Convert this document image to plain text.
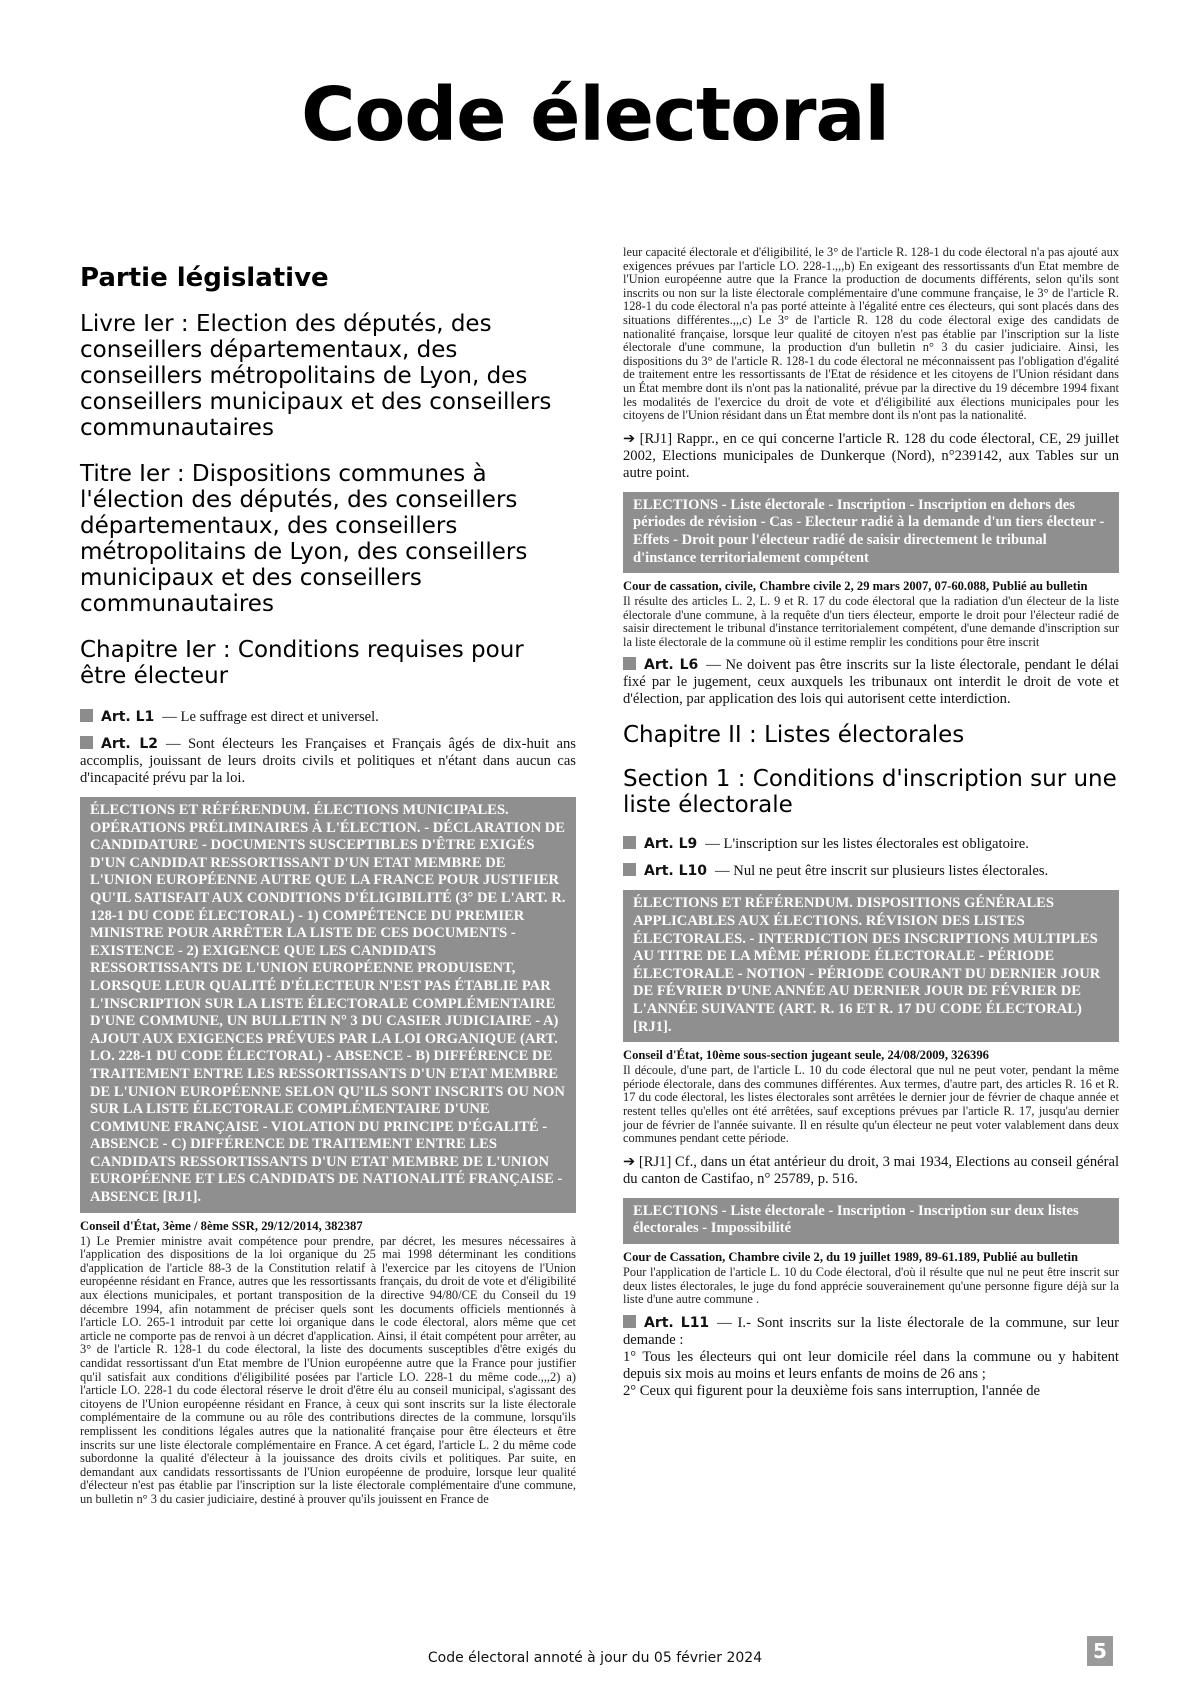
Code électoral
Partie législative
Livre Ier : Election des députés, des conseillers départementaux, des conseillers métropolitains de Lyon, des conseillers municipaux et des conseillers communautaires
Titre Ier : Dispositions communes à l'élection des députés, des conseillers départementaux, des conseillers métropolitains de Lyon, des conseillers municipaux et des conseillers communautaires
Chapitre Ier : Conditions requises pour être électeur

Art. L1 — Le suffrage est direct et universel.

Art. L2 — Sont électeurs les Françaises et Français âgés de dix-huit ans accomplis, jouissant de leurs droits civils et politiques et n'étant dans aucun cas d'incapacité prévu par la loi.

ÉLECTIONS ET RÉFÉRENDUM. ÉLECTIONS MUNICIPALES. OPÉRATIONS PRÉLIMINAIRES À L'ÉLECTION. - DÉCLARATION DE CANDIDATURE - DOCUMENTS SUSCEPTIBLES D'ÊTRE EXIGÉS D'UN CANDIDAT RESSORTISSANT D'UN ETAT MEMBRE DE L'UNION EUROPÉENNE AUTRE QUE LA FRANCE POUR JUSTIFIER QU'IL SATISFAIT AUX CONDITIONS D'ÉLIGIBILITÉ (3° DE L'ART. R. 128-1 DU CODE ÉLECTORAL) - 1) COMPÉTENCE DU PREMIER MINISTRE POUR ARRÊTER LA LISTE DE CES DOCUMENTS - EXISTENCE - 2) EXIGENCE QUE LES CANDIDATS RESSORTISSANTS DE L'UNION EUROPÉENNE PRODUISENT, LORSQUE LEUR QUALITÉ D'ÉLECTEUR N'EST PAS ÉTABLIE PAR L'INSCRIPTION SUR LA LISTE ÉLECTORALE COMPLÉMENTAIRE D'UNE COMMUNE, UN BULLETIN N° 3 DU CASIER JUDICIAIRE - A) AJOUT AUX EXIGENCES PRÉVUES PAR LA LOI ORGANIQUE (ART. LO. 228-1 DU CODE ÉLECTORAL) - ABSENCE - B) DIFFÉRENCE DE TRAITEMENT ENTRE LES RESSORTISSANTS D'UN ETAT MEMBRE DE L'UNION EUROPÉENNE SELON QU'ILS SONT INSCRITS OU NON SUR LA LISTE ÉLECTORALE COMPLÉMENTAIRE D'UNE COMMUNE FRANÇAISE - VIOLATION DU PRINCIPE D'ÉGALITÉ - ABSENCE - C) DIFFÉRENCE DE TRAITEMENT ENTRE LES CANDIDATS RESSORTISSANTS D'UN ETAT MEMBRE DE L'UNION EUROPÉENNE ET LES CANDIDATS DE NATIONALITÉ FRANÇAISE - ABSENCE [RJ1].

Conseil d'État, 3ème / 8ème SSR, 29/12/2014, 382387

1) Le Premier ministre avait compétence pour prendre, par décret, les mesures nécessaires à l'application des dispositions de la loi organique du 25 mai 1998 déterminant les conditions d'application de l'article 88-3 de la Constitution relatif à l'exercice par les citoyens de l'Union européenne résidant en France, autres que les ressortissants français, du droit de vote et d'éligibilité aux élections municipales, et portant transposition de la directive 94/80/CE du Conseil du 19 décembre 1994, afin notamment de préciser quels sont les documents officiels mentionnés à l'article LO. 265-1 introduit par cette loi organique dans le code électoral, alors même que cet article ne comporte pas de renvoi à un décret d'application. Ainsi, il était compétent pour arrêter, au 3° de l'article R. 128-1 du code électoral, la liste des documents susceptibles d'être exigés du candidat ressortissant d'un Etat membre de l'Union européenne autre que la France pour justifier qu'il satisfait aux conditions d'éligibilité posées par l'article LO. 228-1 du même code.,,,2) a) l'article LO. 228-1 du code électoral réserve le droit d'être élu au conseil municipal, s'agissant des citoyens de l'Union européenne résidant en France, à ceux qui sont inscrits sur la liste électorale complémentaire de la commune ou au rôle des contributions directes de la commune, lorsqu'ils remplissent les conditions légales autres que la nationalité française pour être électeurs et être inscrits sur une liste électorale complémentaire en France. A cet égard, l'article L. 2 du même code subordonne la qualité d'électeur à la jouissance des droits civils et politiques. Par suite, en demandant aux candidats ressortissants de l'Union européenne de produire, lorsque leur qualité d'électeur n'est pas établie par l'inscription sur la liste électorale complémentaire d'une commune, un bulletin n° 3 du casier judiciaire, destiné à prouver qu'ils jouissent en France de

leur capacité électorale et d'éligibilité, le 3° de l'article R. 128-1 du code électoral n'a pas ajouté aux exigences prévues par l'article LO. 228-1.,,,b) En exigeant des ressortissants d'un Etat membre de l'Union européenne autre que la France la production de documents différents, selon qu'ils sont inscrits ou non sur la liste électorale complémentaire d'une commune française, le 3° de l'article R. 128-1 du code électoral n'a pas porté atteinte à l'égalité entre ces électeurs, qui sont placés dans des situations différentes.,,,c) Le 3° de l'article R. 128 du code électoral exige des candidats de nationalité française, lorsque leur qualité de citoyen n'est pas établie par l'inscription sur la liste électorale d'une commune, la production d'un bulletin n° 3 du casier judiciaire. Ainsi, les dispositions du 3° de l'article R. 128-1 du code électoral ne méconnaissent pas l'obligation d'égalité de traitement entre les ressortissants de l'Etat de résidence et les citoyens de l'Union résidant dans un État membre dont ils n'ont pas la nationalité, prévue par la directive du 19 décembre 1994 fixant les modalités de l'exercice du droit de vote et d'éligibilité aux élections municipales pour les citoyens de l'Union résidant dans un État membre dont ils n'ont pas la nationalité.

➔ [RJ1] Rappr., en ce qui concerne l'article R. 128 du code électoral, CE, 29 juillet 2002, Elections municipales de Dunkerque (Nord), n°239142, aux Tables sur un autre point.

ELECTIONS - Liste électorale - Inscription - Inscription en dehors des périodes de révision - Cas - Electeur radié à la demande d'un tiers électeur - Effets - Droit pour l'électeur radié de saisir directement le tribunal d'instance territorialement compétent

Cour de cassation, civile, Chambre civile 2, 29 mars 2007, 07-60.088, Publié au bulletin

Il résulte des articles L. 2, L. 9 et R. 17 du code électoral que la radiation d'un électeur de la liste électorale d'une commune, à la requête d'un tiers électeur, emporte le droit pour l'électeur radié de saisir directement le tribunal d'instance territorialement compétent, d'une demande d'inscription sur la liste électorale de la commune où il estime remplir les conditions pour être inscrit

Art. L6 — Ne doivent pas être inscrits sur la liste électorale, pendant le délai fixé par le jugement, ceux auxquels les tribunaux ont interdit le droit de vote et d'élection, par application des lois qui autorisent cette interdiction.

Chapitre II : Listes électorales
Section 1 : Conditions d'inscription sur une liste électorale

Art. L9 — L'inscription sur les listes électorales est obligatoire.

Art. L10 — Nul ne peut être inscrit sur plusieurs listes électorales.

ÉLECTIONS ET RÉFÉRENDUM. DISPOSITIONS GÉNÉRALES APPLICABLES AUX ÉLECTIONS. RÉVISION DES LISTES ÉLECTORALES. - INTERDICTION DES INSCRIPTIONS MULTIPLES AU TITRE DE LA MÊME PÉRIODE ÉLECTORALE - PÉRIODE ÉLECTORALE - NOTION - PÉRIODE COURANT DU DERNIER JOUR DE FÉVRIER D'UNE ANNÉE AU DERNIER JOUR DE FÉVRIER DE L'ANNÉE SUIVANTE (ART. R. 16 ET R. 17 DU CODE ÉLECTORAL) [RJ1].

Conseil d'État, 10ème sous-section jugeant seule, 24/08/2009, 326396

Il découle, d'une part, de l'article L. 10 du code électoral que nul ne peut voter, pendant la même période électorale, dans des communes différentes. Aux termes, d'autre part, des articles R. 16 et R. 17 du code électoral, les listes électorales sont arrêtées le dernier jour de février de chaque année et restent telles qu'elles ont été arrêtées, sauf exceptions prévues par l'article R. 17, jusqu'au dernier jour de février de l'année suivante. Il en résulte qu'un électeur ne peut voter valablement dans deux communes pendant cette période.

➔ [RJ1] Cf., dans un état antérieur du droit, 3 mai 1934, Elections au conseil général du canton de Castifao, n° 25789, p. 516.

ELECTIONS - Liste électorale - Inscription - Inscription sur deux listes électorales - Impossibilité

Cour de Cassation, Chambre civile 2, du 19 juillet 1989, 89-61.189, Publié au bulletin

Pour l'application de l'article L. 10 du Code électoral, d'où il résulte que nul ne peut être inscrit sur deux listes électorales, le juge du fond apprécie souverainement qu'une personne figure déjà sur la liste d'une autre commune .

Art. L11 — I.- Sont inscrits sur la liste électorale de la commune, sur leur demande :

1° Tous les électeurs qui ont leur domicile réel dans la commune ou y habitent depuis six mois au moins et leurs enfants de moins de 26 ans ;

2° Ceux qui figurent pour la deuxième fois sans interruption, l'année de

Code électoral annoté à jour du 05 février 2024	5
